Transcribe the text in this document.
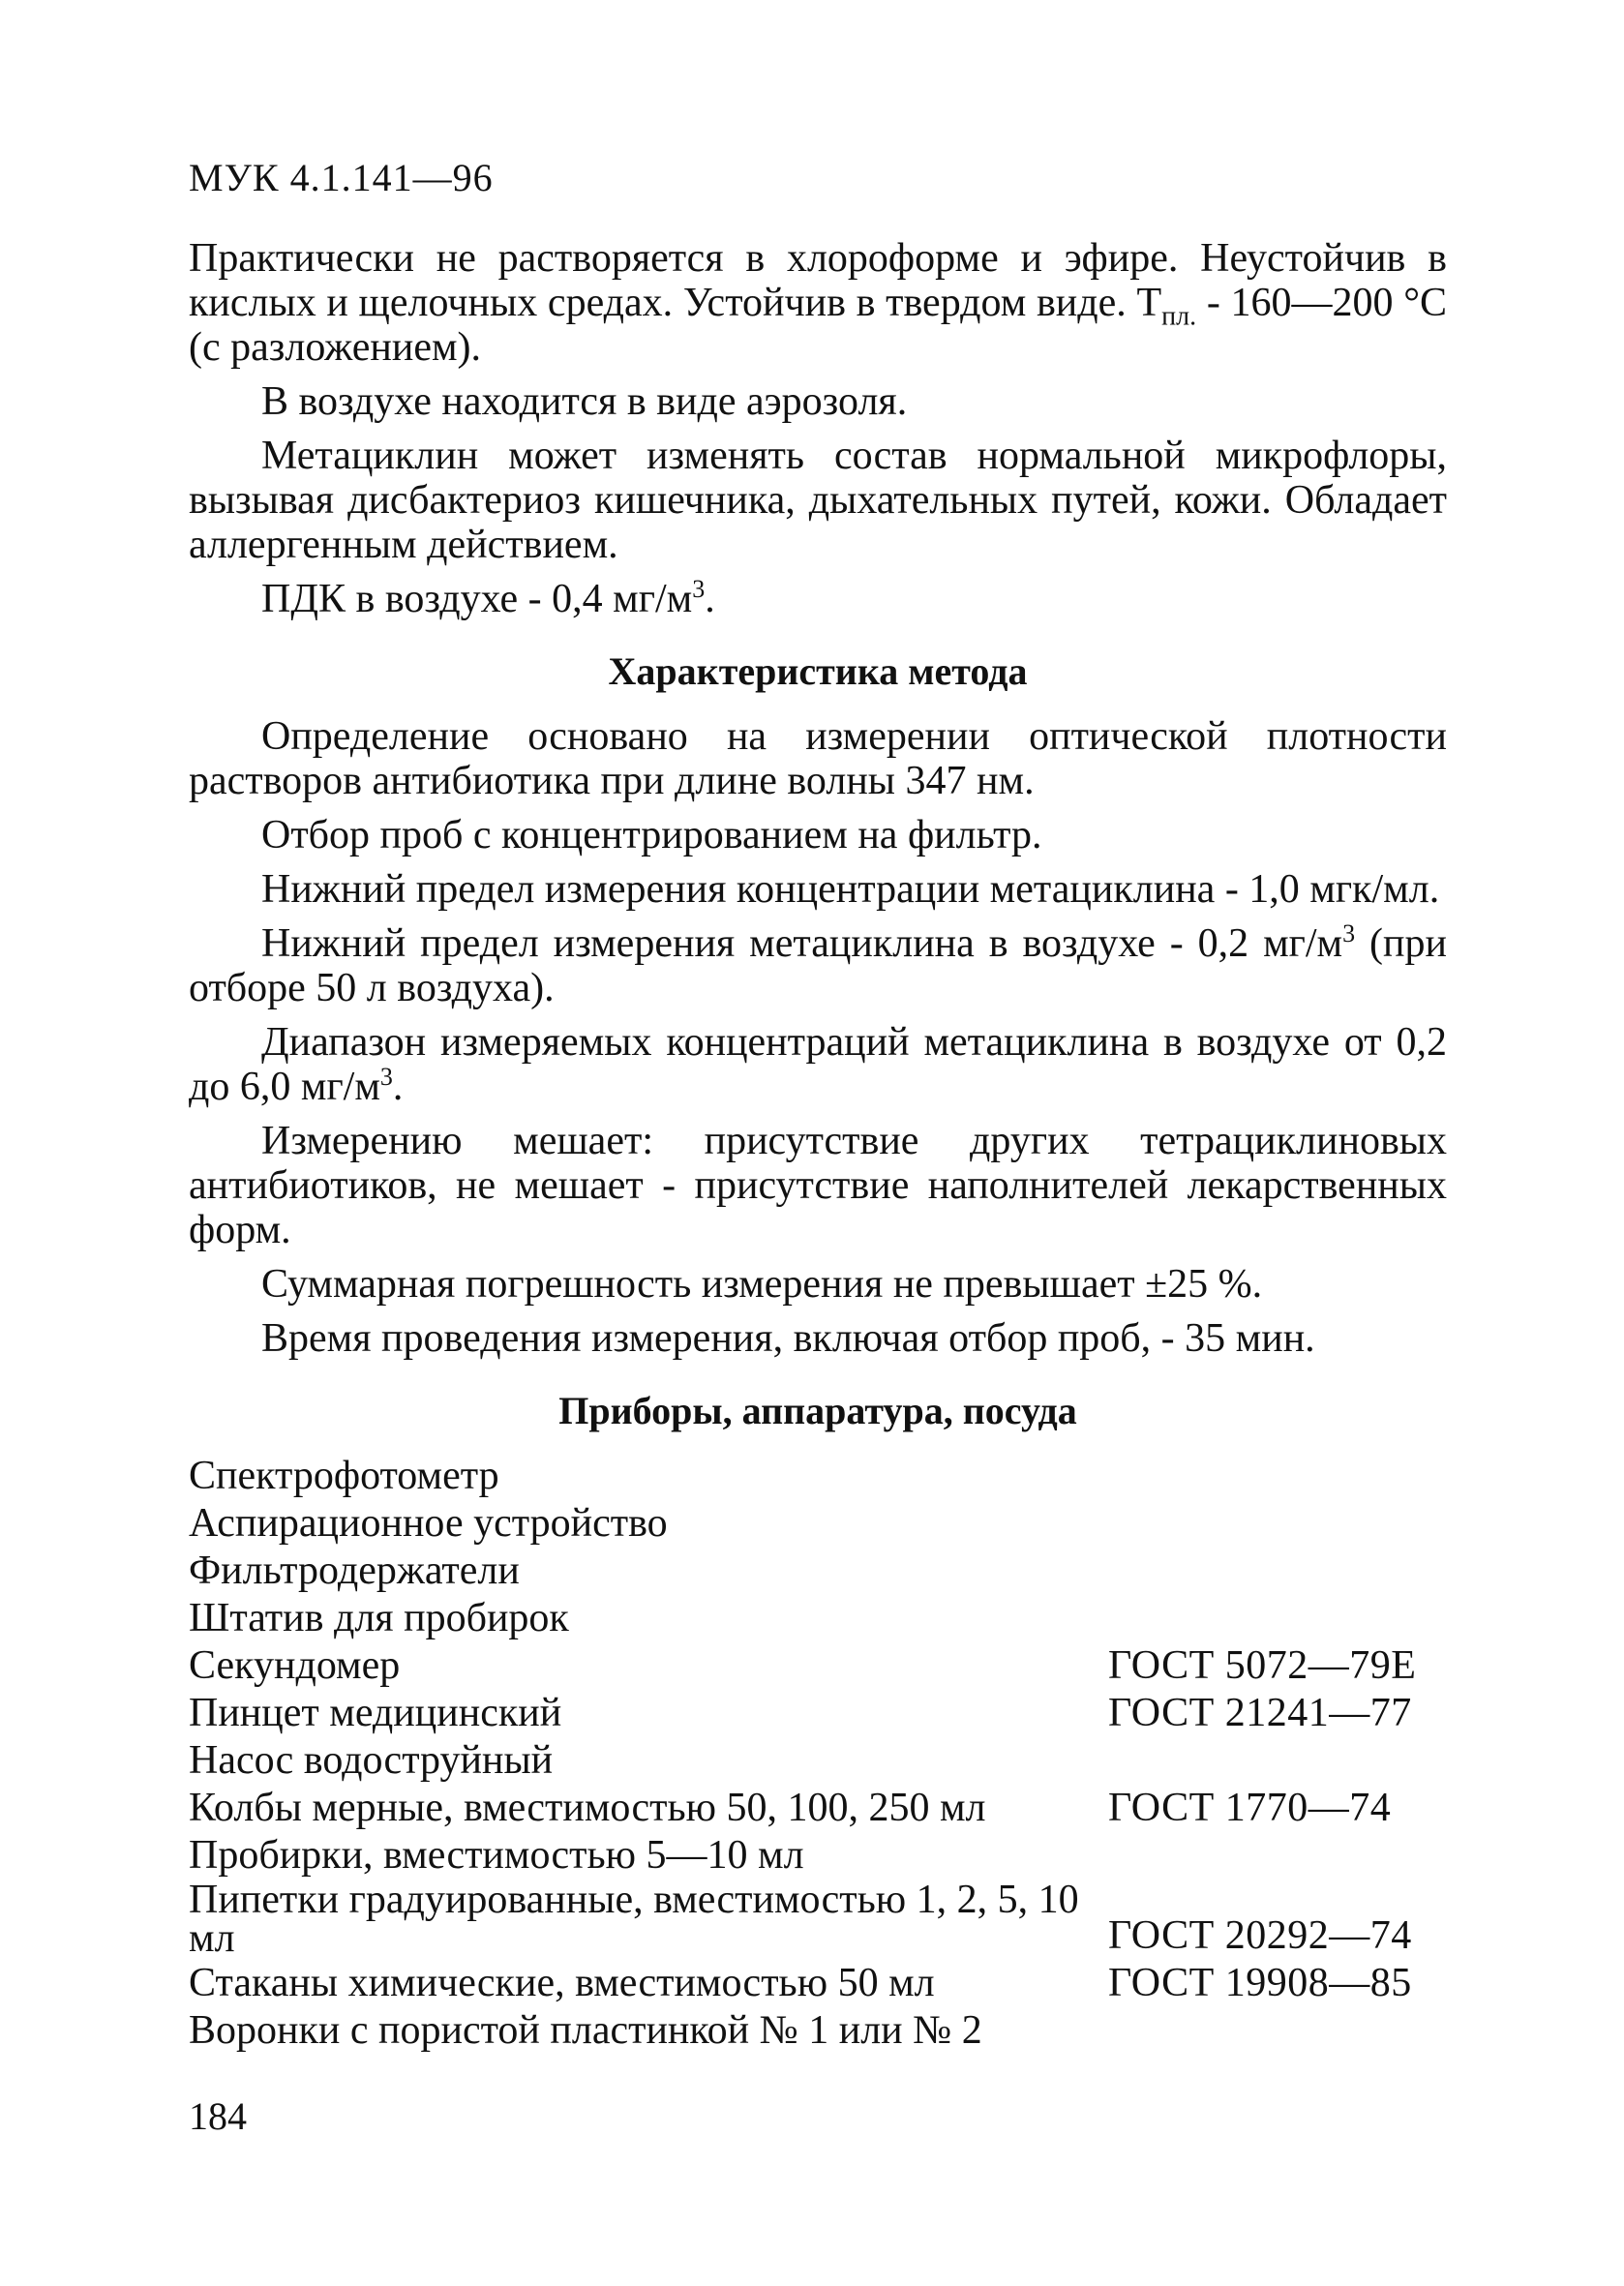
МУК 4.1.141—96

Практически не растворяется в хлороформе и эфире. Неустойчив в кислых и щелочных средах. Устойчив в твердом виде. $Т_{пл.}$ - 160—200 °С (с разложением).

В воздухе находится в виде аэрозоля.

Метациклин может изменять состав нормальной микрофлоры, вызывая дисбактериоз кишечника, дыхательных путей, кожи. Обладает аллергенным действием.

ПДК в воздухе - 0,4 $мг/м^3$.

Характеристика метода

Определение основано на измерении оптической плотности растворов антибиотика при длине волны 347 нм.

Отбор проб с концентрированием на фильтр.

Нижний предел измерения концентрации метациклина - 1,0 мгк/мл.

Нижний предел измерения метациклина в воздухе - 0,2 $мг/м^3$ (при отборе 50 л воздуха).

Диапазон измеряемых концентраций метациклина в воздухе от 0,2 до 6,0 $мг/м^3$.

Измерению мешает: присутствие других тетрациклиновых антибиотиков, не мешает - присутствие наполнителей лекарственных форм.

Суммарная погрешность измерения не превышает ±25 %.

Время проведения измерения, включая отбор проб, - 35 мин.

Приборы, аппаратура, посуда
Спектрофотометр
Аспирационное устройство
Фильтродержатели
Штатив для пробирок
Секундомер	ГОСТ 5072—79Е
Пинцет медицинский	ГОСТ 21241—77
Насос водоструйный
Колбы мерные, вместимостью 50, 100, 250 мл	ГОСТ 1770—74
Пробирки, вместимостью 5—10 мл
Пипетки градуированные, вместимостью 1, 2, 5, 10 мл	ГОСТ 20292—74
Стаканы химические, вместимостью 50 мл	ГОСТ 19908—85
Воронки с пористой пластинкой № 1 или № 2
184
